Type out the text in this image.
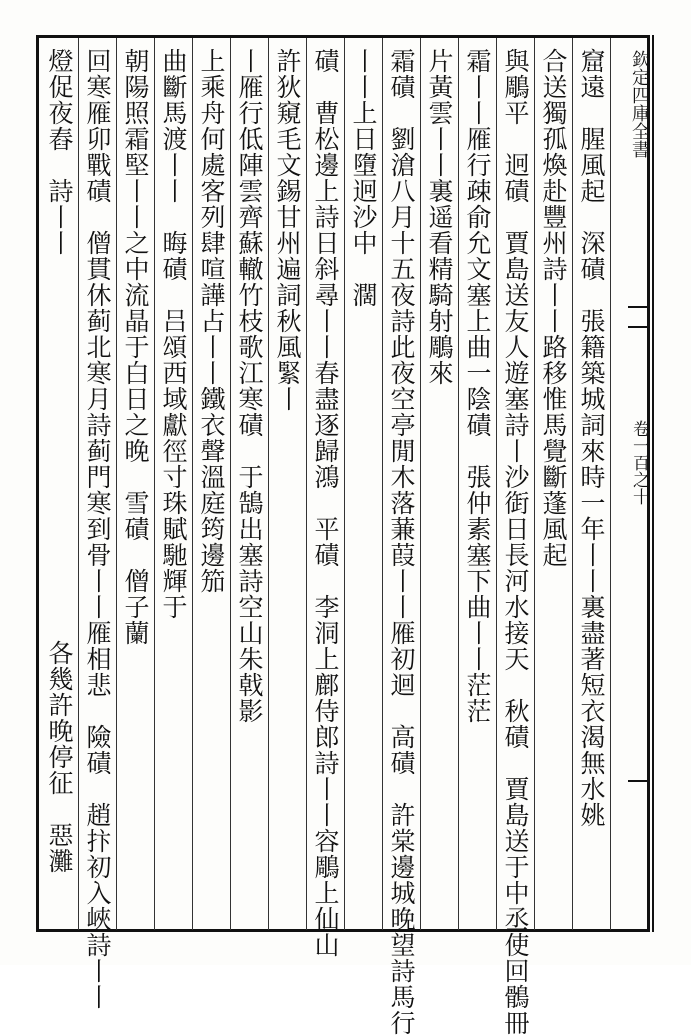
欽定四庫全書
卷一百之十
窟遠　腥風起　深磧　張籍築城詞來時一年丨丨裏盡著短衣渴無水姚
合送獨孤煥赴豐州詩丨丨路移惟馬覺斷蓬風起
與鵰平　迥磧　賈島送友人遊塞詩丨沙衘日長河水接天　秋磧　賈島送于中丞使回鶻冊
霜丨丨雁行疎俞允文塞上曲一陰磧　張仲素塞下曲丨丨茫茫
片黃雲丨丨裏遥看精騎射鵰來
霜磧　劉滄八月十五夜詩此夜空亭閒木落蒹葭丨丨雁初迴　高磧　許棠邊城晚望詩馬行
丨丨上日墮迥沙中　濶
磧　曹松邊上詩日斜尋丨丨春盡逐歸鴻　平磧　李洞上鄜侍郎詩丨丨容鵰上仙山
許狄窺毛文錫甘州遍詞秋風緊丨
丨雁行低陣雲齊蘇轍竹枝歌江寒磧　于鵠出塞詩空山朱戟影
上乘舟何處客列肆喧譁占丨丨鐵衣聲溫庭筠邊笳
曲斷馬渡丨丨　晦磧　吕頌西域獻徑寸珠賦馳輝于
朝陽照霜堅丨丨之中流晶于白日之晚　雪磧　僧子蘭
回寒雁卯戰磧　僧貫休蓟北寒月詩蓟門寒到骨丨丨雁相悲　險磧　趙抃初入峽詩丨丨
燈促夜舂　詩丨丨
各幾許晚停征　惡灘
